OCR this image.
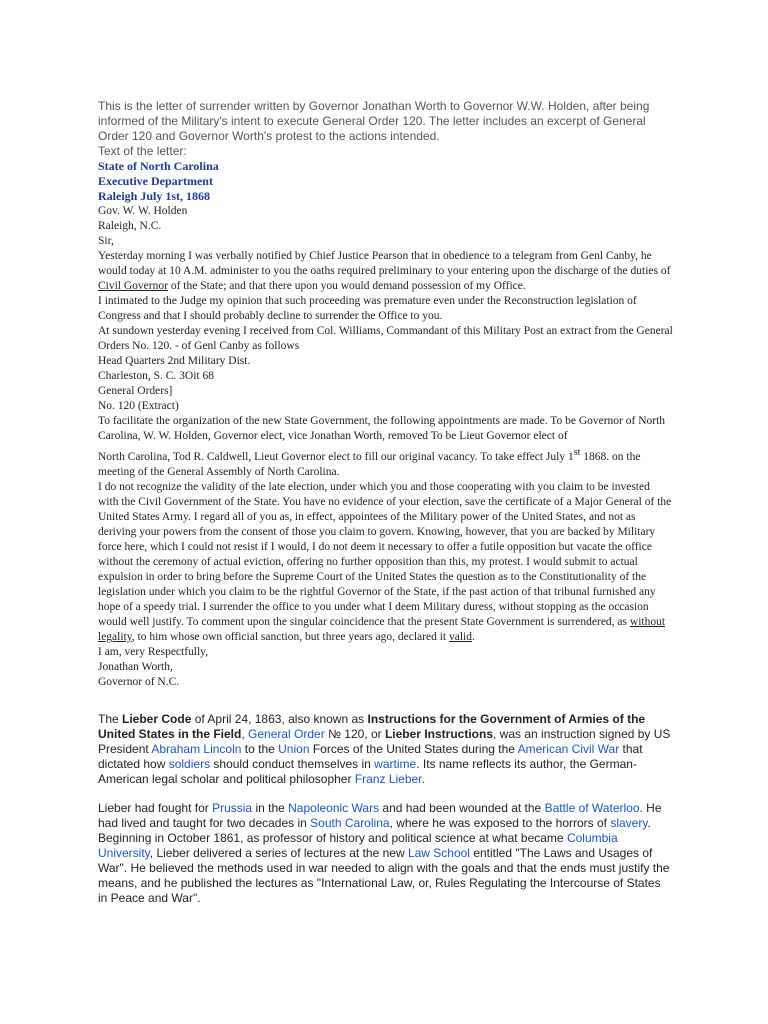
This is the letter of surrender written by Governor Jonathan Worth to Governor W.W. Holden, after being informed of the Military's intent to execute General Order 120. The letter includes an excerpt of General Order 120 and Governor Worth's protest to the actions intended.

Text of the letter:

State of North Carolina

Executive Department

Raleigh July 1st, 1868

Gov. W. W. Holden

Raleigh, N.C.

Sir,

Yesterday morning I was verbally notified by Chief Justice Pearson that in obedience to a telegram from Genl Canby, he would today at 10 A.M. administer to you the oaths required preliminary to your entering upon the discharge of the duties of Civil Governor of the State; and that there upon you would demand possession of my Office.

I intimated to the Judge my opinion that such proceeding was premature even under the Reconstruction legislation of Congress and that I should probably decline to surrender the Office to you.

At sundown yesterday evening I received from Col. Williams, Commandant of this Military Post an extract from the General Orders No. 120. - of Genl Canby as follows

Head Quarters 2nd Military Dist.

Charleston, S. C. 3Oit 68

General Orders]

No. 120 (Extract)

To facilitate the organization of the new State Government, the following appointments are made. To be Governor of North Carolina, W. W. Holden, Governor elect, vice Jonathan Worth, removed To be Lieut Governor elect of

North Carolina, Tod R. Caldwell, Lieut Governor elect to fill our original vacancy. To take effect July 1st 1868. on the meeting of the General Assembly of North Carolina.

I do not recognize the validity of the late election, under which you and those cooperating with you claim to be invested with the Civil Government of the State. You have no evidence of your election, save the certificate of a Major General of the United States Army. I regard all of you as, in effect, appointees of the Military power of the United States, and not as deriving your powers from the consent of those you claim to govern. Knowing, however, that you are backed by Military force here, which I could not resist if I would, I do not deem it necessary to offer a futile opposition but vacate the office without the ceremony of actual eviction, offering no further opposition than this, my protest. I would submit to actual expulsion in order to bring before the Supreme Court of the United States the question as to the Constitutionality of the legislation under which you claim to be the rightful Governor of the State, if the past action of that tribunal furnished any hope of a speedy trial. I surrender the office to you under what I deem Military duress, without stopping as the occasion would well justify. To comment upon the singular coincidence that the present State Government is surrendered, as without legality, to him whose own official sanction, but three years ago, declared it valid.

I am, very Respectfully,

Jonathan Worth,

Governor of N.C.

The Lieber Code of April 24, 1863, also known as Instructions for the Government of Armies of the United States in the Field, General Order № 120, or Lieber Instructions, was an instruction signed by US President Abraham Lincoln to the Union Forces of the United States during the American Civil War that dictated how soldiers should conduct themselves in wartime. Its name reflects its author, the German-American legal scholar and political philosopher Franz Lieber.

Lieber had fought for Prussia in the Napoleonic Wars and had been wounded at the Battle of Waterloo. He had lived and taught for two decades in South Carolina, where he was exposed to the horrors of slavery. Beginning in October 1861, as professor of history and political science at what became Columbia University, Lieber delivered a series of lectures at the new Law School entitled "The Laws and Usages of War". He believed the methods used in war needed to align with the goals and that the ends must justify the means, and he published the lectures as "International Law, or, Rules Regulating the Intercourse of States in Peace and War".
